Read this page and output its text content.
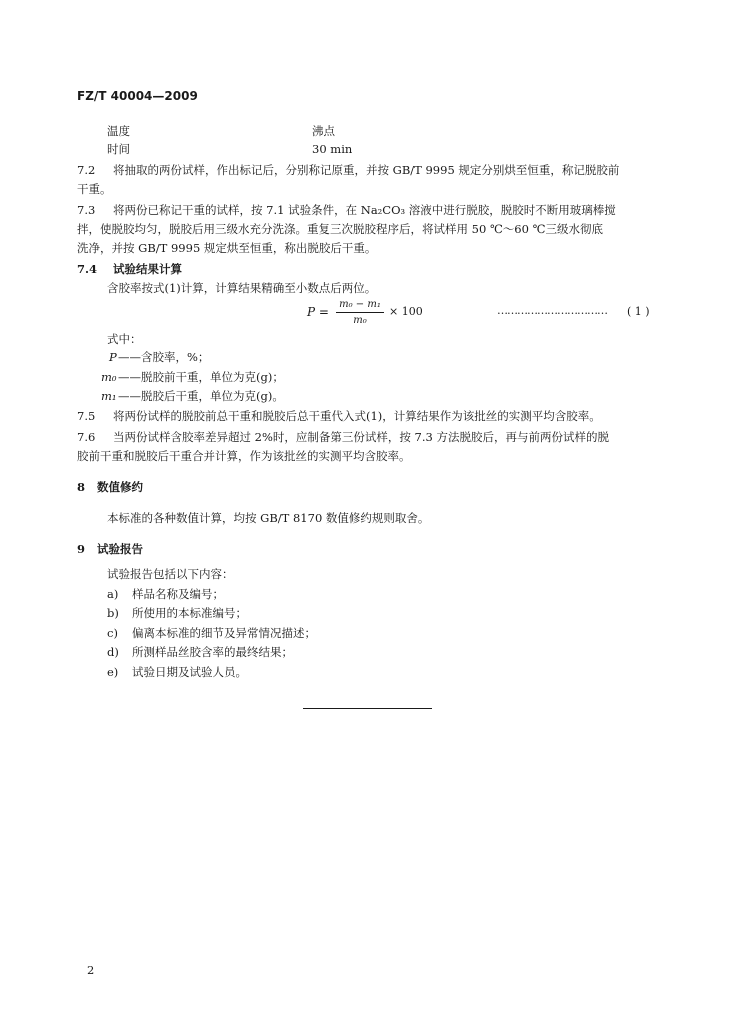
FZ/T 40004—2009
温度	沸点
时间	30 min
7.2 将抽取的两份试样，作出标记后，分别称记原重，并按 GB/T 9995 规定分别烘至恒重，称记脱胶前
干重。
7.3 将两份已称记干重的试样，按 7.1 试验条件，在 Na₂CO₃ 溶液中进行脱胶，脱胶时不断用玻璃棒搅
拌，使脱胶均匀，脱胶后用三级水充分洗涤。重复三次脱胶程序后，将试样用 50 ℃～60 ℃三级水彻底
洗净，并按 GB/T 9995 规定烘至恒重，称出脱胶后干重。
7.4 试验结果计算
含胶率按式(1)计算，计算结果精确至小数点后两位。
P =
m₀ − m₁
m₀
× 100	…………………………… ( 1 )
式中：
P ——含胶率，%；
m₀ ——脱胶前干重，单位为克(g)；
m₁ ——脱胶后干重，单位为克(g)。
7.5 将两份试样的脱胶前总干重和脱胶后总干重代入式(1)，计算结果作为该批丝的实测平均含胶率。
7.6 当两份试样含胶率差异超过 2%时，应制备第三份试样，按 7.3 方法脱胶后，再与前两份试样的脱
胶前干重和脱胶后干重合并计算，作为该批丝的实测平均含胶率。
8 数值修约
本标准的各种数值计算，均按 GB/T 8170 数值修约规则取舍。
9 试验报告
试验报告包括以下内容：
a) 样品名称及编号；
b) 所使用的本标准编号；
c) 偏离本标准的细节及异常情况描述；
d) 所测样品丝胶含率的最终结果；
e) 试验日期及试验人员。
2
